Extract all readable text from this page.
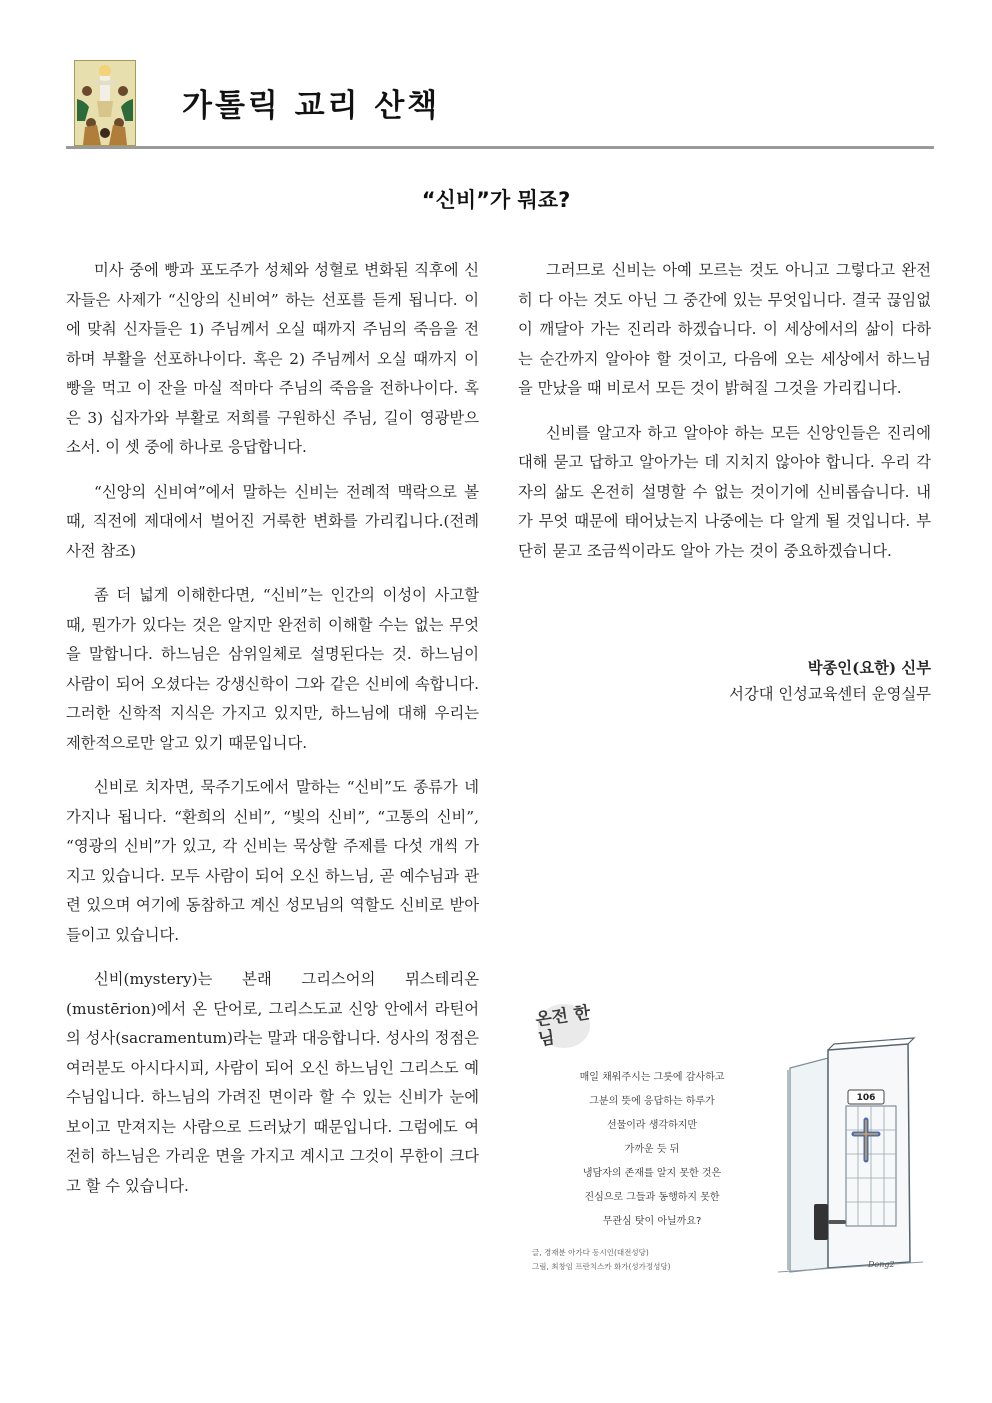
가톨릭 교리 산책
“신비”가 뭐죠?

미사 중에 빵과 포도주가 성체와 성혈로 변화된 직후에 신자들은 사제가 “신앙의 신비여” 하는 선포를 듣게 됩니다. 이에 맞춰 신자들은 1) 주님께서 오실 때까지 주님의 죽음을 전하며 부활을 선포하나이다. 혹은 2) 주님께서 오실 때까지 이 빵을 먹고 이 잔을 마실 적마다 주님의 죽음을 전하나이다. 혹은 3) 십자가와 부활로 저희를 구원하신 주님, 길이 영광받으소서. 이 셋 중에 하나로 응답합니다.

“신앙의 신비여”에서 말하는 신비는 전례적 맥락으로 볼 때, 직전에 제대에서 벌어진 거룩한 변화를 가리킵니다.(전례사전 참조)

좀 더 넓게 이해한다면, “신비”는 인간의 이성이 사고할 때, 뭔가가 있다는 것은 알지만 완전히 이해할 수는 없는 무엇을 말합니다. 하느님은 삼위일체로 설명된다는 것. 하느님이 사람이 되어 오셨다는 강생신학이 그와 같은 신비에 속합니다. 그러한 신학적 지식은 가지고 있지만, 하느님에 대해 우리는 제한적으로만 알고 있기 때문입니다.

신비로 치자면, 묵주기도에서 말하는 “신비”도 종류가 네 가지나 됩니다. “환희의 신비”, “빛의 신비”, “고통의 신비”, “영광의 신비”가 있고, 각 신비는 묵상할 주제를 다섯 개씩 가지고 있습니다. 모두 사람이 되어 오신 하느님, 곧 예수님과 관련 있으며 여기에 동참하고 계신 성모님의 역할도 신비로 받아들이고 있습니다.

신비(mystery)는 본래 그리스어의 뮈스테리온(mustērion)에서 온 단어로, 그리스도교 신앙 안에서 라틴어의 성사(sacramentum)라는 말과 대응합니다. 성사의 정점은 여러분도 아시다시피, 사람이 되어 오신 하느님인 그리스도 예수님입니다. 하느님의 가려진 면이라 할 수 있는 신비가 눈에 보이고 만져지는 사람으로 드러났기 때문입니다. 그럼에도 여전히 하느님은 가리운 면을 가지고 계시고 그것이 무한이 크다고 할 수 있습니다.

그러므로 신비는 아예 모르는 것도 아니고 그렇다고 완전히 다 아는 것도 아닌 그 중간에 있는 무엇입니다. 결국 끊임없이 깨달아 가는 진리라 하겠습니다. 이 세상에서의 삶이 다하는 순간까지 알아야 할 것이고, 다음에 오는 세상에서 하느님을 만났을 때 비로서 모든 것이 밝혀질 그것을 가리킵니다.

신비를 알고자 하고 알아야 하는 모든 신앙인들은 진리에 대해 묻고 답하고 알아가는 데 지치지 않아야 합니다. 우리 각자의 삶도 온전히 설명할 수 없는 것이기에 신비롭습니다. 내가 무엇 때문에 태어났는지 나중에는 다 알게 될 것입니다. 부단히 묻고 조금씩이라도 알아 가는 것이 중요하겠습니다.

박종인(요한) 신부
서강대 인성교육센터 운영실무
온전 한 님
매일 채워주시는 그릇에 감사하고
그분의 뜻에 응답하는 하루가
선물이라 생각하지만
가까운 듯 뒤
냉담자의 존재를 알지 못한 것은
진심으로 그들과 동행하지 못한
무관심 탓이 아닐까요?
106
글, 경재분 아가다 동시인(대전성당)
그림, 최창임 프란치스카 화가(성가정성당)	Dong2
